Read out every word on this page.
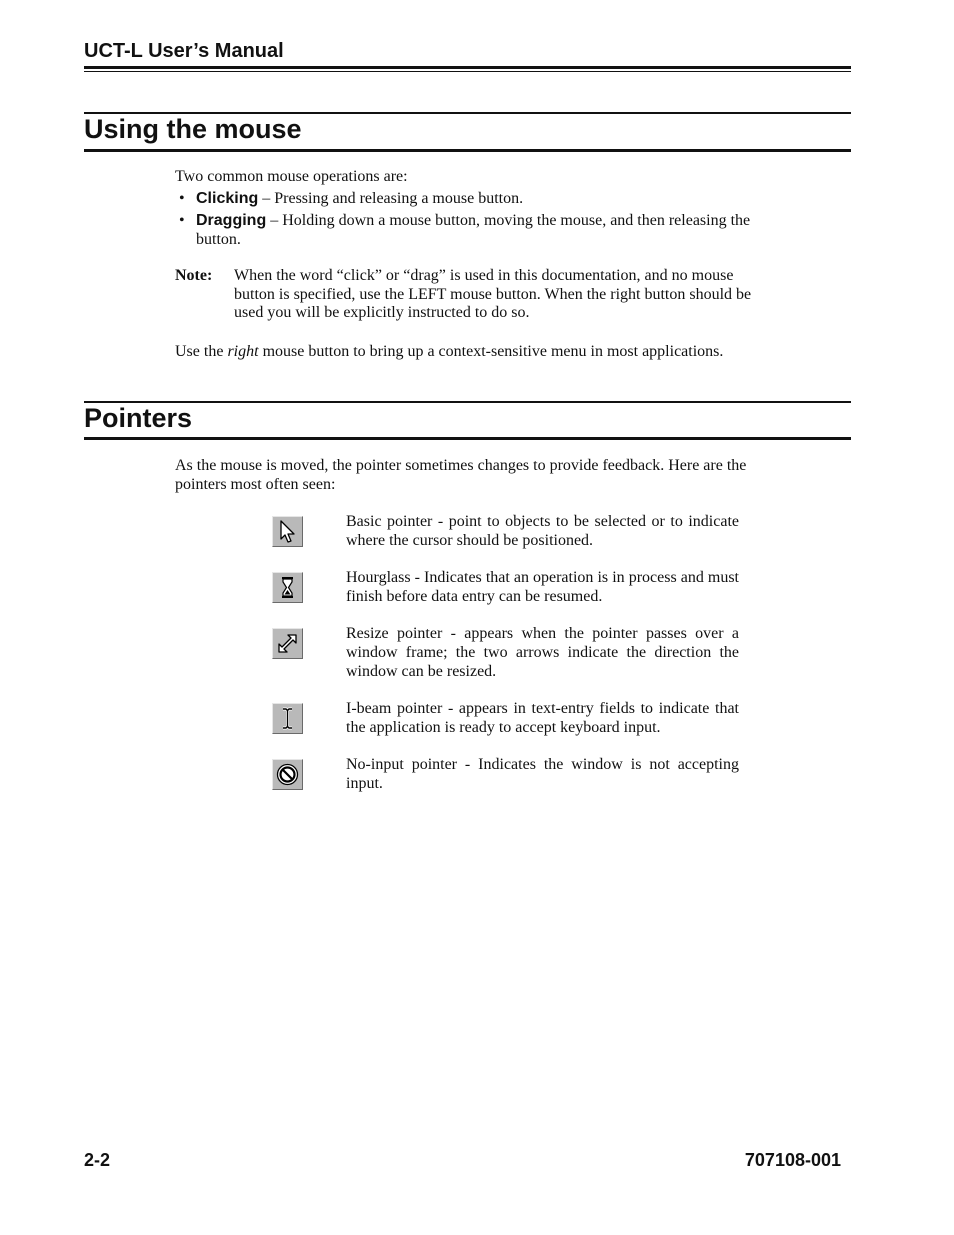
UCT-L User’s Manual
Using the mouse
Two common mouse operations are:
• Clicking – Pressing and releasing a mouse button.
• Dragging – Holding down a mouse button, moving the mouse, and then releasing the button.
Note: When the word “click” or “drag” is used in this documentation, and no mouse button is specified, use the LEFT mouse button. When the right button should be used you will be explicitly instructed to do so.
Use the right mouse button to bring up a context-sensitive menu in most applications.
Pointers
As the mouse is moved, the pointer sometimes changes to provide feedback. Here are the pointers most often seen:
Basic pointer - point to objects to be selected or to indicate where the cursor should be positioned.
Hourglass - Indicates that an operation is in process and must finish before data entry can be resumed.
Resize pointer - appears when the pointer passes over a window frame; the two arrows indicate the direction the window can be resized.
I-beam pointer - appears in text-entry fields to indicate that the application is ready to accept keyboard input.
No-input pointer - Indicates the window is not accepting input.
2-2	707108-001
